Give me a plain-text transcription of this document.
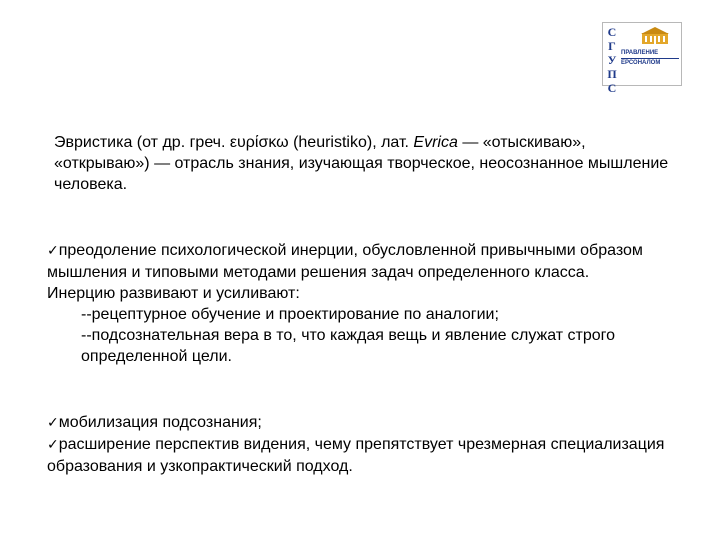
С
Г
У
П
С
ПРАВЛЕНИЕ
ЕРСОНАЛОМ
Эвристика (от др. греч. ευρίσκω (heuristiko), лат. Evrica — «отыскиваю», «открываю») — отрасль знания, изучающая творческое, неосознанное мышление человека.

✓преодоление психологической инерции, обусловленной привычными образом мышления и типовыми методами решения задач определенного класса.

Инерцию развивают и усиливают:

--рецептурное обучение и проектирование по аналогии;

--подсознательная вера в то, что каждая вещь и явление служат строго определенной цели.

✓мобилизация подсознания;

✓расширение перспектив видения, чему препятствует чрезмерная специализация образования и узкопрактический подход.
